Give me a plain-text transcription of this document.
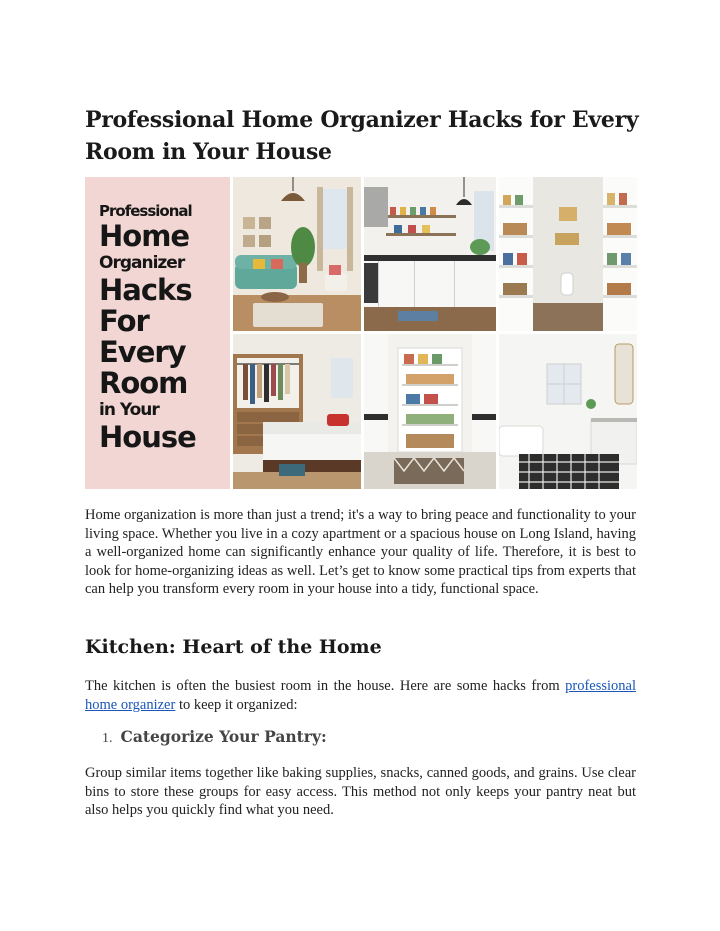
Professional Home Organizer Hacks for Every Room in Your House
Professional
Home
Organizer
Hacks
For
Every
Room
in Your
House

Home organization is more than just a trend; it's a way to bring peace and functionality to your living space. Whether you live in a cozy apartment or a spacious house on Long Island, having a well-organized home can significantly enhance your quality of life. Therefore, it is best to look for home-organizing ideas as well. Let’s get to know some practical tips from experts that can help you transform every room in your house into a tidy, functional space.

Kitchen: Heart of the Home

The kitchen is often the busiest room in the house. Here are some hacks from professional home organizer to keep it organized:

1. Categorize Your Pantry:

Group similar items together like baking supplies, snacks, canned goods, and grains. Use clear bins to store these groups for easy access. This method not only keeps your pantry neat but also helps you quickly find what you need.
